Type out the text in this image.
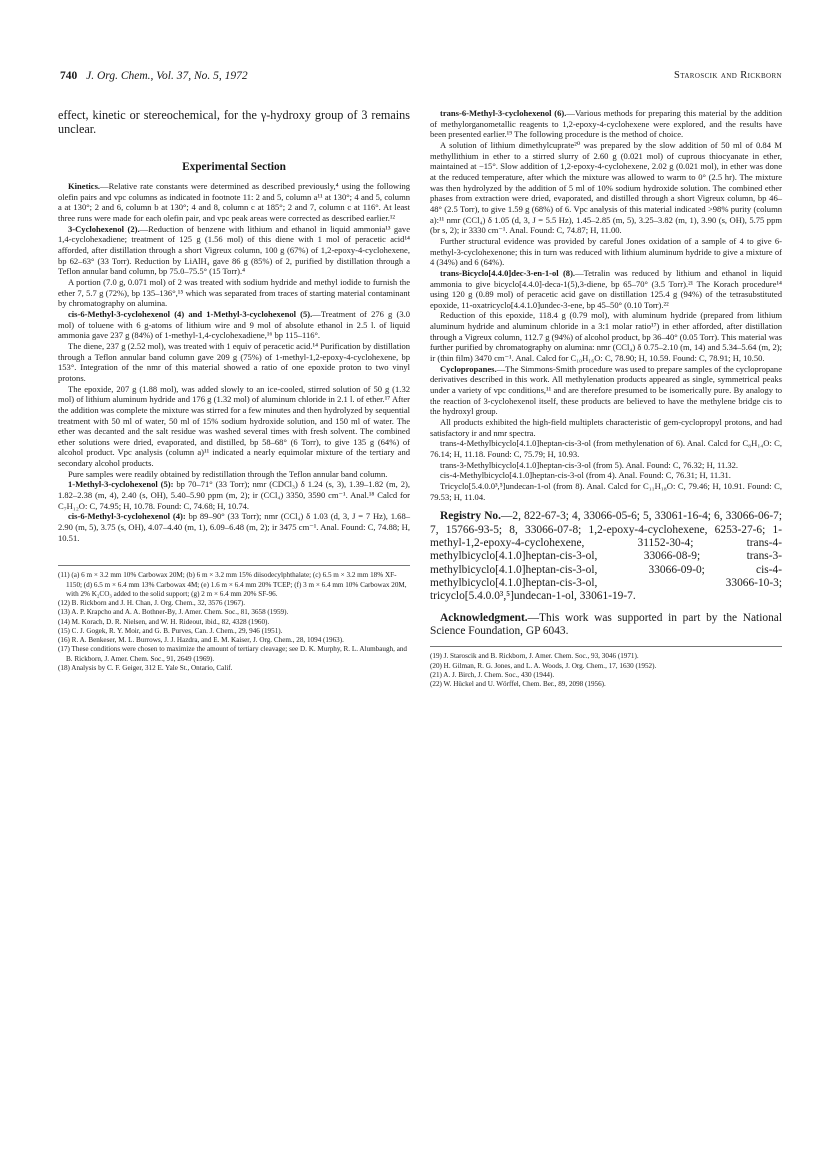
740 J. Org. Chem., Vol. 37, No. 5, 1972	Staroscik and Rickborn

effect, kinetic or stereochemical, for the γ-hydroxy group of 3 remains unclear.

Experimental Section

Kinetics.—Relative rate constants were determined as described previously,⁴ using the following olefin pairs and vpc columns as indicated in footnote 11: 2 and 5, column a¹¹ at 130°; 4 and 5, column a at 130°; 2 and 6, column b at 130°; 4 and 8, column c at 185°; 2 and 7, column c at 116°. At least three runs were made for each olefin pair, and vpc peak areas were corrected as described earlier.¹²

3-Cyclohexenol (2).—Reduction of benzene with lithium and ethanol in liquid ammonia¹³ gave 1,4-cyclohexadiene; treatment of 125 g (1.56 mol) of this diene with 1 mol of peracetic acid¹⁴ afforded, after distillation through a short Vigreux column, 100 g (67%) of 1,2-epoxy-4-cyclohexene, bp 62–63° (33 Torr). Reduction by LiAlH₄ gave 86 g (85%) of 2, purified by distillation through a Teflon annular band column, bp 75.0–75.5° (15 Torr).⁴

A portion (7.0 g, 0.071 mol) of 2 was treated with sodium hydride and methyl iodide to furnish the ether 7, 5.7 g (72%), bp 135–136°,¹⁵ which was separated from traces of starting material contaminant by chromatography on alumina.

cis-6-Methyl-3-cyclohexenol (4) and 1-Methyl-3-cyclohexenol (5).—Treatment of 276 g (3.0 mol) of toluene with 6 g-atoms of lithium wire and 9 mol of absolute ethanol in 2.5 l. of liquid ammonia gave 237 g (84%) of 1-methyl-1,4-cyclohexadiene,¹⁶ bp 115–116°.

The diene, 237 g (2.52 mol), was treated with 1 equiv of peracetic acid.¹⁴ Purification by distillation through a Teflon annular band column gave 209 g (75%) of 1-methyl-1,2-epoxy-4-cyclohexene, bp 153°. Integration of the nmr of this material showed a ratio of one epoxide proton to two vinyl protons.

The epoxide, 207 g (1.88 mol), was added slowly to an ice-cooled, stirred solution of 50 g (1.32 mol) of lithium aluminum hydride and 176 g (1.32 mol) of aluminum chloride in 2.1 l. of ether.¹⁷ After the addition was complete the mixture was stirred for a few minutes and then hydrolyzed by sequential treatment with 50 ml of water, 50 ml of 15% sodium hydroxide solution, and 150 ml of water. The ether was decanted and the salt residue was washed several times with fresh solvent. The combined ether solutions were dried, evaporated, and distilled, bp 58–68° (6 Torr), to give 135 g (64%) of alcohol product. Vpc analysis (column a)¹¹ indicated a nearly equimolar mixture of the tertiary and secondary alcohol products.

Pure samples were readily obtained by redistillation through the Teflon annular band column.

1-Methyl-3-cyclohexenol (5): bp 70–71° (33 Torr); nmr (CDCl₃) δ 1.24 (s, 3), 1.39–1.82 (m, 2), 1.82–2.38 (m, 4), 2.40 (s, OH), 5.40–5.90 ppm (m, 2); ir (CCl₄) 3350, 3590 cm⁻¹. Anal.¹⁸ Calcd for C₇H₁₂O: C, 74.95; H, 10.78. Found: C, 74.68; H, 10.74.

cis-6-Methyl-3-cyclohexenol (4): bp 89–90° (33 Torr); nmr (CCl₄) δ 1.03 (d, 3, J = 7 Hz), 1.68–2.90 (m, 5), 3.75 (s, OH), 4.07–4.40 (m, 1), 6.09–6.48 (m, 2); ir 3475 cm⁻¹. Anal. Found: C, 74.88; H, 10.51.

(11) (a) 6 m × 3.2 mm 10% Carbowax 20M; (b) 6 m × 3.2 mm 15% diisodecylphthalate; (c) 6.5 m × 3.2 mm 18% XF-1150; (d) 6.5 m × 6.4 mm 13% Carbowax 4M; (e) 1.6 m × 6.4 mm 20% TCEP; (f) 3 m × 6.4 mm 10% Carbowax 20M, with 2% K₂CO₃ added to the solid support; (g) 2 m × 6.4 mm 20% SF-96.

(12) B. Rickborn and J. H. Chan, J. Org. Chem., 32, 3576 (1967).

(13) A. P. Krapcho and A. A. Bothner-By, J. Amer. Chem. Soc., 81, 3658 (1959).

(14) M. Korach, D. R. Nielsen, and W. H. Rideout, ibid., 82, 4328 (1960).

(15) C. J. Gogek, R. Y. Moir, and G. B. Purves, Can. J. Chem., 29, 946 (1951).

(16) R. A. Benkeser, M. L. Burrows, J. J. Hazdra, and E. M. Kaiser, J. Org. Chem., 28, 1094 (1963).

(17) These conditions were chosen to maximize the amount of tertiary cleavage; see D. K. Murphy, R. L. Alumbaugh, and B. Rickborn, J. Amer. Chem. Soc., 91, 2649 (1969).

(18) Analysis by C. F. Geiger, 312 E. Yale St., Ontario, Calif.

trans-6-Methyl-3-cyclohexenol (6).—Various methods for preparing this material by the addition of methylorganometallic reagents to 1,2-epoxy-4-cyclohexene were explored, and the results have been presented earlier.¹⁹ The following procedure is the method of choice.

A solution of lithium dimethylcuprate²⁰ was prepared by the slow addition of 50 ml of 0.84 M methyllithium in ether to a stirred slurry of 2.60 g (0.021 mol) of cuprous thiocyanate in ether, maintained at −15°. Slow addition of 1,2-epoxy-4-cyclohexene, 2.02 g (0.021 mol), in ether was done at the reduced temperature, after which the mixture was allowed to warm to 0° (2.5 hr). The mixture was then hydrolyzed by the addition of 5 ml of 10% sodium hydroxide solution. The combined ether phases from extraction were dried, evaporated, and distilled through a short Vigreux column, bp 46–48° (2.5 Torr), to give 1.59 g (68%) of 6. Vpc analysis of this material indicated >98% purity (column a):¹¹ nmr (CCl₄) δ 1.05 (d, 3, J = 5.5 Hz), 1.45–2.85 (m, 5), 3.25–3.82 (m, 1), 3.90 (s, OH), 5.75 ppm (br s, 2); ir 3330 cm⁻¹. Anal. Found: C, 74.87; H, 11.00.

Further structural evidence was provided by careful Jones oxidation of a sample of 4 to give 6-methyl-3-cyclohexenone; this in turn was reduced with lithium aluminum hydride to give a mixture of 4 (34%) and 6 (64%).

trans-Bicyclo[4.4.0]dec-3-en-1-ol (8).—Tetralin was reduced by lithium and ethanol in liquid ammonia to give bicyclo[4.4.0]-deca-1(5),3-diene, bp 65–70° (3.5 Torr).²¹ The Korach procedure¹⁴ using 120 g (0.89 mol) of peracetic acid gave on distillation 125.4 g (94%) of the tetrasubstituted epoxide, 11-oxatricyclo[4.4.1.0]undec-3-ene, bp 45–50° (0.10 Torr).²²

Reduction of this epoxide, 118.4 g (0.79 mol), with aluminum hydride (prepared from lithium aluminum hydride and aluminum chloride in a 3:1 molar ratio¹⁷) in ether afforded, after distillation through a Vigreux column, 112.7 g (94%) of alcohol product, bp 36–40° (0.05 Torr). This material was further purified by chromatography on alumina: nmr (CCl₄) δ 0.75–2.10 (m, 14) and 5.34–5.64 (m, 2); ir (thin film) 3470 cm⁻¹. Anal. Calcd for C₁₀H₁₆O: C, 78.90; H, 10.59. Found: C, 78.91; H, 10.50.

Cyclopropanes.—The Simmons-Smith procedure was used to prepare samples of the cyclopropane derivatives described in this work. All methylenation products appeared as single, symmetrical peaks under a variety of vpc conditions,¹¹ and are therefore presumed to be isomerically pure. By analogy to the reaction of 3-cyclohexenol itself, these products are believed to have the methylene bridge cis to the hydroxyl group.

All products exhibited the high-field multiplets characteristic of gem-cyclopropyl protons, and had satisfactory ir and nmr spectra.

trans-4-Methylbicyclo[4.1.0]heptan-cis-3-ol (from methylenation of 6). Anal. Calcd for C₈H₁₄O: C, 76.14; H, 11.18. Found: C, 75.79; H, 10.93.

trans-3-Methylbicyclo[4.1.0]heptan-cis-3-ol (from 5). Anal. Found: C, 76.32; H, 11.32.

cis-4-Methylbicyclo[4.1.0]heptan-cis-3-ol (from 4). Anal. Found: C, 76.31; H, 11.31.

Tricyclo[5.4.0.0³,⁵]undecan-1-ol (from 8). Anal. Calcd for C₁₁H₁₈O: C, 79.46; H, 10.91. Found: C, 79.53; H, 11.04.

Registry No.—2, 822-67-3; 4, 33066-05-6; 5, 33061-16-4; 6, 33066-06-7; 7, 15766-93-5; 8, 33066-07-8; 1,2-epoxy-4-cyclohexene, 6253-27-6; 1-methyl-1,2-epoxy-4-cyclohexene, 31152-30-4; trans-4-methylbicyclo[4.1.0]heptan-cis-3-ol, 33066-08-9; trans-3-methylbicyclo[4.1.0]heptan-cis-3-ol, 33066-09-0; cis-4-methylbicyclo[4.1.0]heptan-cis-3-ol, 33066-10-3; tricyclo[5.4.0.0³,⁵]undecan-1-ol, 33061-19-7.

Acknowledgment.—This work was supported in part by the National Science Foundation, GP 6043.

(19) J. Staroscik and B. Rickborn, J. Amer. Chem. Soc., 93, 3046 (1971).

(20) H. Gilman, R. G. Jones, and L. A. Woods, J. Org. Chem., 17, 1630 (1952).

(21) A. J. Birch, J. Chem. Soc., 430 (1944).

(22) W. Hückel and U. Wörffel, Chem. Ber., 89, 2098 (1956).
